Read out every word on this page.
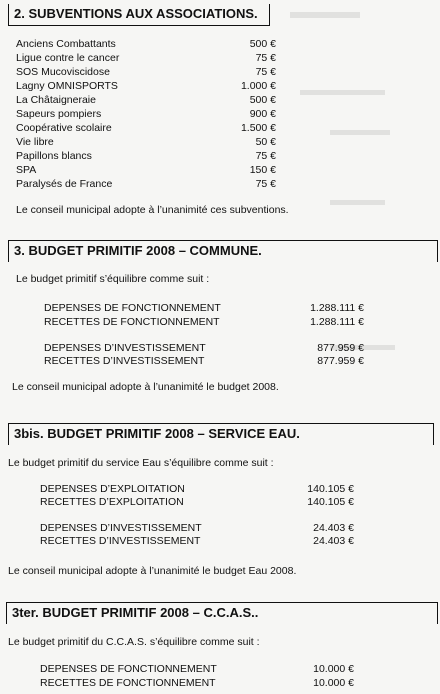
2. SUBVENTIONS AUX ASSOCIATIONS.
Anciens Combattants	500 €
Ligue contre le cancer	75 €
SOS Mucoviscidose	75 €
Lagny OMNISPORTS	1.000 €
La Châtaigneraie	500 €
Sapeurs pompiers	900 €
Coopérative scolaire	1.500 €
Vie libre	50 €
Papillons blancs	75 €
SPA	150 €
Paralysés de France	75 €
Le conseil municipal adopte à l’unanimité ces subventions.
3. BUDGET PRIMITIF 2008 – COMMUNE.
Le budget primitif s’équilibre comme suit :
DEPENSES DE FONCTIONNEMENT	1.288.111 €
RECETTES DE FONCTIONNEMENT	1.288.111 €
DEPENSES D’INVESTISSEMENT	877.959 €
RECETTES D’INVESTISSEMENT	877.959 €
Le conseil municipal adopte à l’unanimité le budget 2008.
3bis. BUDGET PRIMITIF 2008 – SERVICE EAU.
Le budget primitif du service Eau s’équilibre comme suit :
DEPENSES D’EXPLOITATION	140.105 €
RECETTES D’EXPLOITATION	140.105 €
DEPENSES D’INVESTISSEMENT	24.403 €
RECETTES D’INVESTISSEMENT	24.403 €
Le conseil municipal adopte à l’unanimité le budget Eau 2008.
3ter. BUDGET PRIMITIF 2008 – C.C.A.S..
Le budget primitif du C.C.A.S. s’équilibre comme suit :
DEPENSES DE FONCTIONNEMENT	10.000 €
RECETTES DE FONCTIONNEMENT	10.000 €
